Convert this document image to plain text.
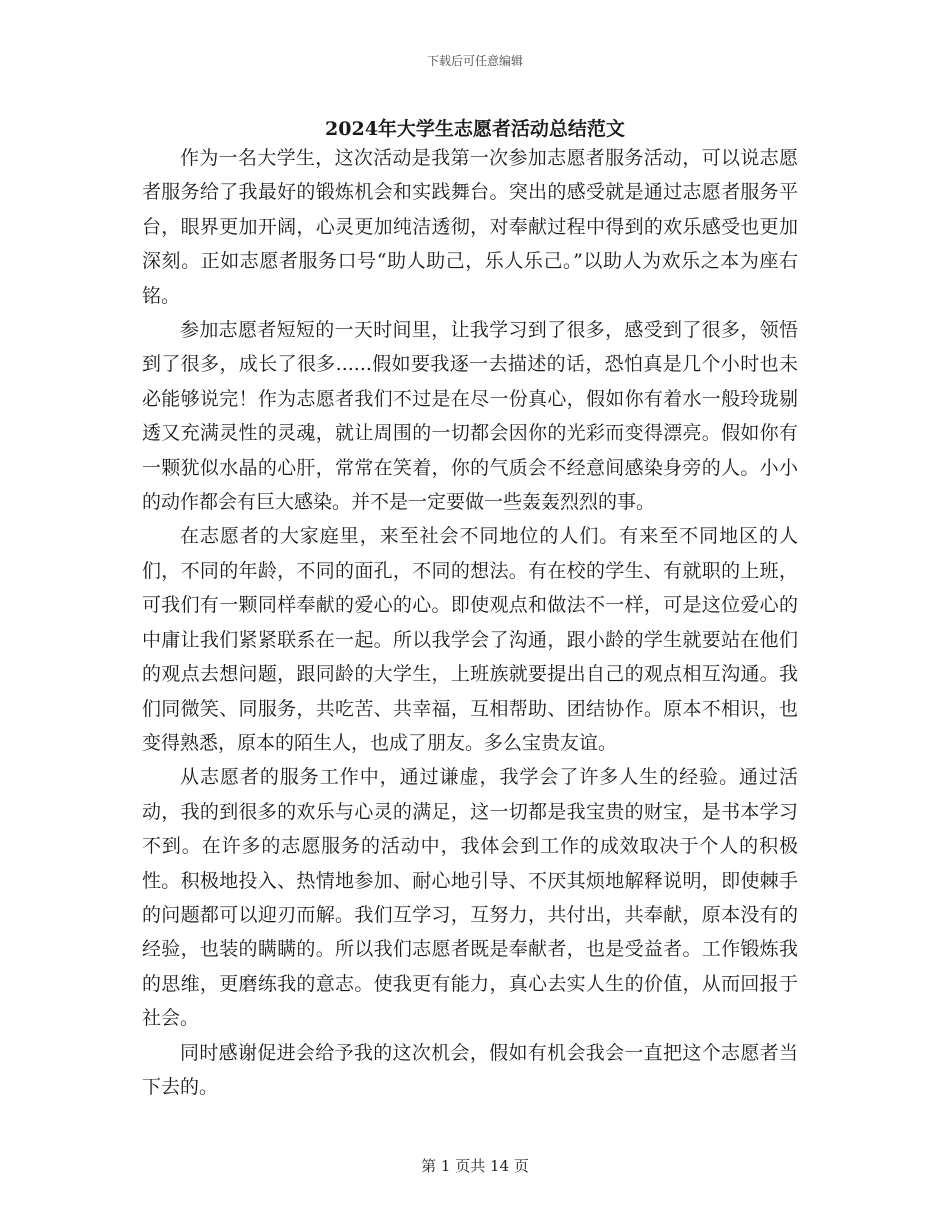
下载后可任意编辑
2024年大学生志愿者活动总结范文

作为一名大学生，这次活动是我第一次参加志愿者服务活动，可以说志愿者服务给了我最好的锻炼机会和实践舞台。突出的感受就是通过志愿者服务平台，眼界更加开阔，心灵更加纯洁透彻，对奉献过程中得到的欢乐感受也更加深刻。正如志愿者服务口号“助人助己，乐人乐己。”以助人为欢乐之本为座右铭。

参加志愿者短短的一天时间里，让我学习到了很多，感受到了很多，领悟到了很多，成长了很多......假如要我逐一去描述的话，恐怕真是几个小时也未必能够说完！作为志愿者我们不过是在尽一份真心，假如你有着水一般玲珑剔透又充满灵性的灵魂，就让周围的一切都会因你的光彩而变得漂亮。假如你有一颗犹似水晶的心肝，常常在笑着，你的气质会不经意间感染身旁的人。小小的动作都会有巨大感染。并不是一定要做一些轰轰烈烈的事。

在志愿者的大家庭里，来至社会不同地位的人们。有来至不同地区的人们，不同的年龄，不同的面孔，不同的想法。有在校的学生、有就职的上班，可我们有一颗同样奉献的爱心的心。即使观点和做法不一样，可是这位爱心的中庸让我们紧紧联系在一起。所以我学会了沟通，跟小龄的学生就要站在他们的观点去想问题，跟同龄的大学生，上班族就要提出自己的观点相互沟通。我们同微笑、同服务，共吃苦、共幸福，互相帮助、团结协作。原本不相识，也变得熟悉，原本的陌生人，也成了朋友。多么宝贵友谊。

从志愿者的服务工作中，通过谦虚，我学会了许多人生的经验。通过活动，我的到很多的欢乐与心灵的满足，这一切都是我宝贵的财宝，是书本学习不到。在许多的志愿服务的活动中，我体会到工作的成效取决于个人的积极性。积极地投入、热情地参加、耐心地引导、不厌其烦地解释说明，即使棘手的问题都可以迎刃而解。我们互学习，互努力，共付出，共奉献，原本没有的经验，也装的瞒瞒的。所以我们志愿者既是奉献者，也是受益者。工作锻炼我的思维，更磨练我的意志。使我更有能力，真心去实人生的价值，从而回报于社会。

同时感谢促进会给予我的这次机会，假如有机会我会一直把这个志愿者当下去的。

第 1 页共 14 页
